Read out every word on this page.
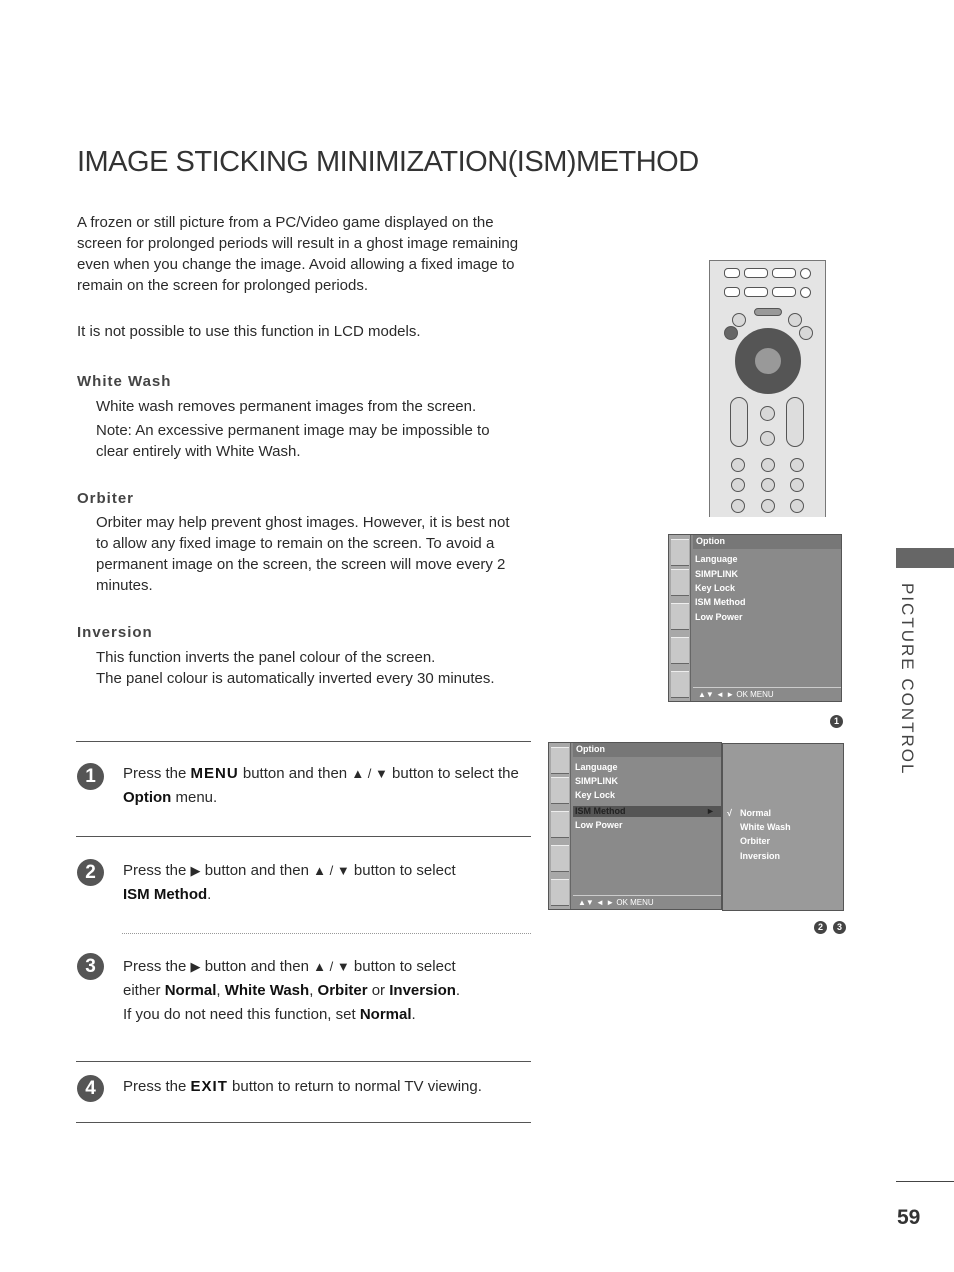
IMAGE STICKING MINIMIZATION(ISM)METHOD
A frozen or still picture from a PC/Video game displayed on the screen for prolonged periods will result in a ghost image remaining even when you change the image. Avoid allowing a fixed image to remain on the screen for prolonged periods.
It is not possible to use this function in LCD models.
White Wash
White wash removes permanent images from the screen.
Note: An excessive permanent image may be impossible to clear entirely with White Wash.
Orbiter
Orbiter may help prevent ghost images. However, it is best not to allow any fixed image to remain on the screen. To avoid a permanent image on the screen, the screen will move every 2 minutes.
Inversion
This function inverts the panel colour of the screen.
The panel colour is automatically inverted every 30 minutes.
1	Press the MENU button and then ▲ / ▼ button to select the Option menu.
2	Press the ▶ button and then ▲ / ▼ button to select
ISM Method.
3	Press the ▶ button and then ▲ / ▼ button to select
either Normal, White Wash, Orbiter or Inversion.
If you do not need this function, set Normal.
4	Press the EXIT button to return to normal TV viewing.
Option
Language
SIMPLINK
Key Lock
ISM Method
Low Power
▲▼ ◄ ► OK MENU
1
Option
Language
SIMPLINK
Key Lock
ISM Method	►
Low Power
▲▼ ◄ ► OK MENU
√ Normal
White Wash
Orbiter
Inversion
2	3
PICTURE CONTROL
59
